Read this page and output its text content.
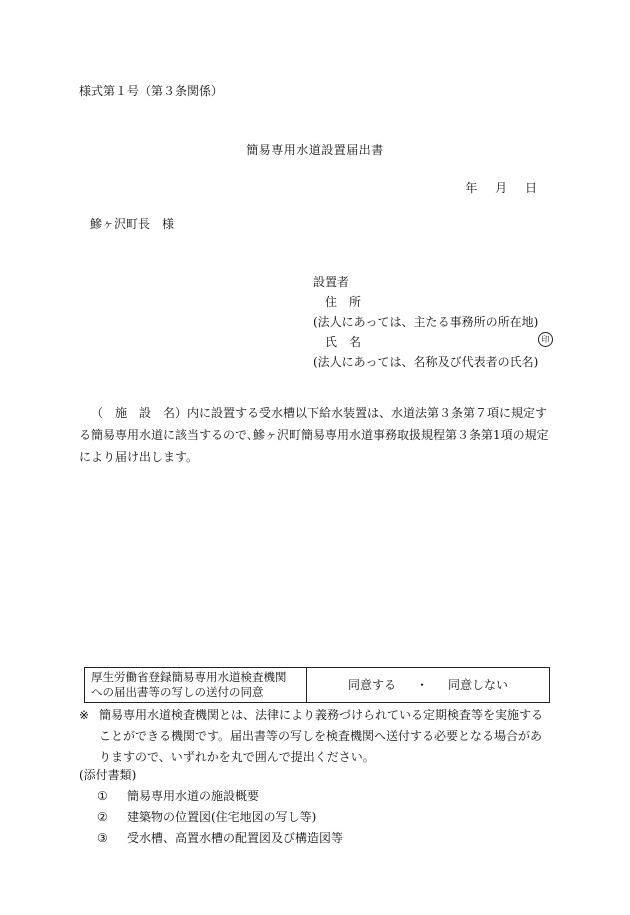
様式第１号（第３条関係）
簡易専用水道設置届出書
年 月 日
鰺ヶ沢町長 様
設置者
住　所
(法人にあっては、主たる事務所の所在地)
氏　名	印
(法人にあっては、名称及び代表者の氏名)
（　施　設　名）内に設置する受水槽以下給水装置は、水道法第３条第７項に規定する簡易専用水道に該当するので､鰺ヶ沢町簡易専用水道事務取扱規程第３条第1項の規定により届け出します。
厚生労働省登録簡易専用水道検査機関
への届出書等の写しの送付の同意
同意する ・ 同意しない
※ 簡易専用水道検査機関とは、法律により義務づけられている定期検査等を実施することができる機関です。届出書等の写しを検査機関へ送付する必要となる場合がありますので、いずれかを丸で囲んで提出ください。
(添付書類)
① 簡易専用水道の施設概要
② 建築物の位置図(住宅地図の写し等)
③ 受水槽、高置水槽の配置図及び構造図等
